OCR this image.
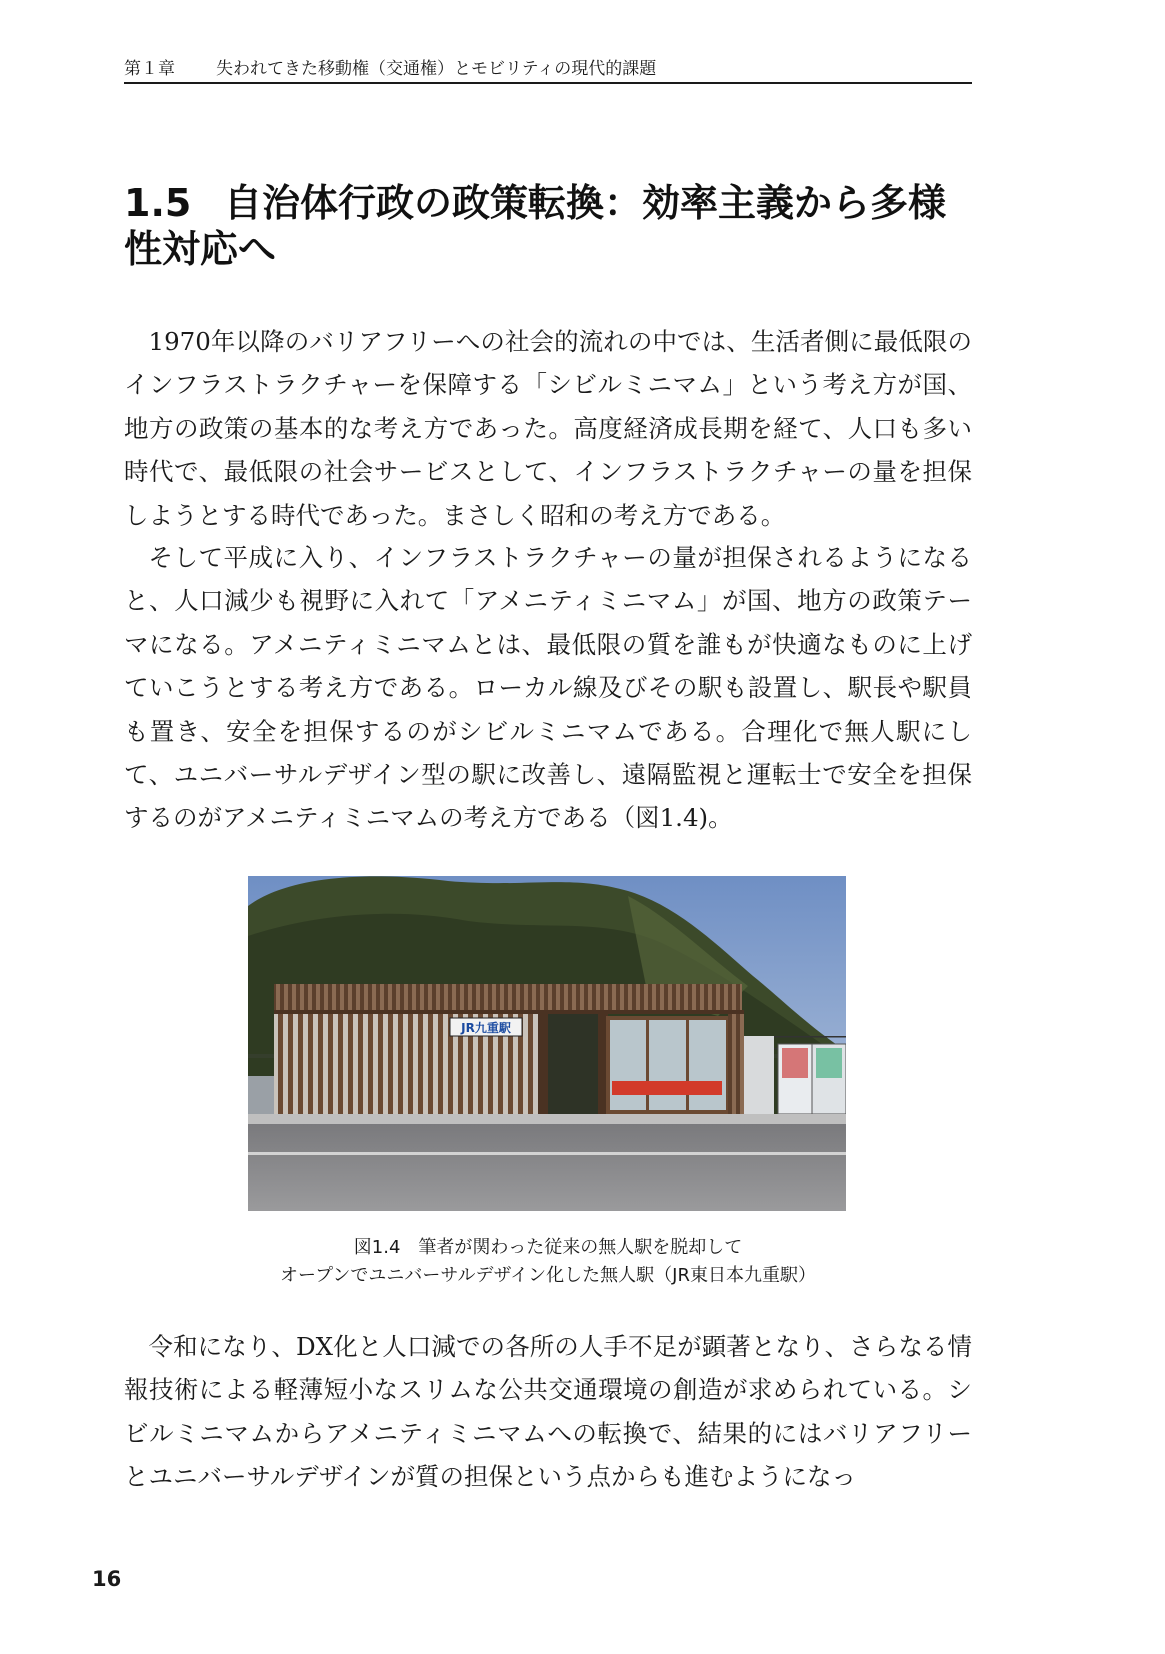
第１章 失われてきた移動権（交通権）とモビリティの現代的課題
1.5 自治体行政の政策転換：効率主義から多様性対応へ

1970年以降のバリアフリーへの社会的流れの中では、生活者側に最低限のインフラストラクチャーを保障する「シビルミニマム」という考え方が国、地方の政策の基本的な考え方であった。高度経済成長期を経て、人口も多い時代で、最低限の社会サービスとして、インフラストラクチャーの量を担保しようとする時代であった。まさしく昭和の考え方である。

そして平成に入り、インフラストラクチャーの量が担保されるようになると、人口減少も視野に入れて「アメニティミニマム」が国、地方の政策テーマになる。アメニティミニマムとは、最低限の質を誰もが快適なものに上げていこうとする考え方である。ローカル線及びその駅も設置し、駅長や駅員も置き、安全を担保するのがシビルミニマムである。合理化で無人駅にして、ユニバーサルデザイン型の駅に改善し、遠隔監視と運転士で安全を担保するのがアメニティミニマムの考え方である（図1.4)。

JR九重駅
図1.4　筆者が関わった従来の無人駅を脱却して
オープンでユニバーサルデザイン化した無人駅（JR東日本九重駅）

令和になり、DX化と人口減での各所の人手不足が顕著となり、さらなる情報技術による軽薄短小なスリムな公共交通環境の創造が求められている。シビルミニマムからアメニティミニマムへの転換で、結果的にはバリアフリーとユニバーサルデザインが質の担保という点からも進むようになっ

16
